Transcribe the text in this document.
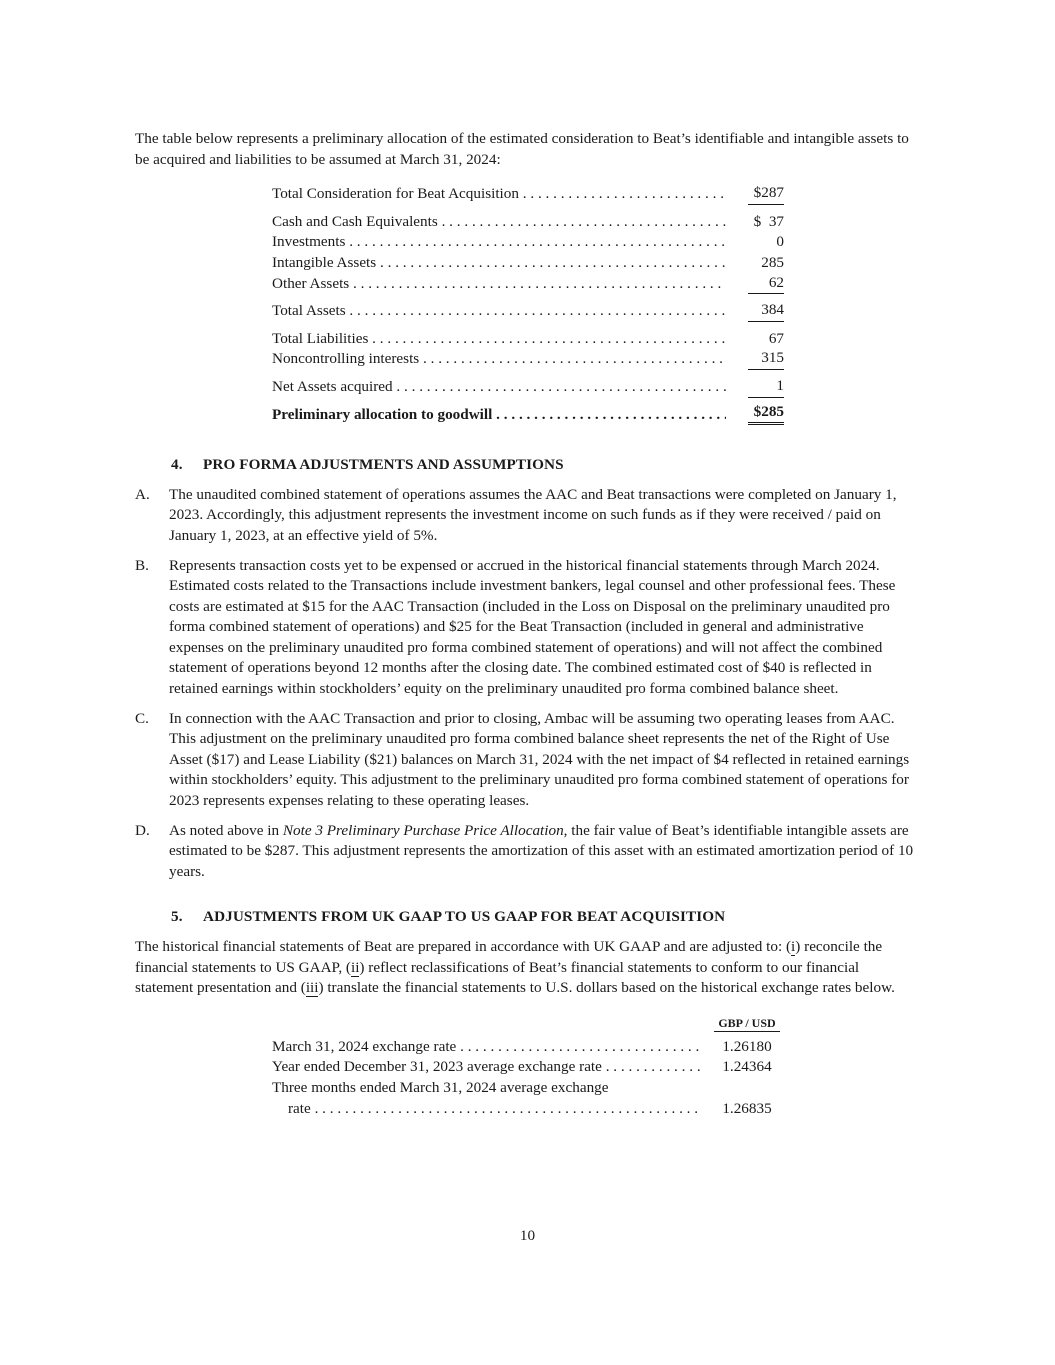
The table below represents a preliminary allocation of the estimated consideration to Beat’s identifiable and intangible assets to be acquired and liabilities to be assumed at March 31, 2024:

Total Consideration for Beat Acquisition . . .	$287
Cash and Cash Equivalents . . .	$  37
Investments . . .	0
Intangible Assets . . .	285
Other Assets . . .	62
Total Assets . . .	384
Total Liabilities . . .	67
Noncontrolling interests . . .	315
Net Assets acquired . . .	1
Preliminary allocation to goodwill . . .	$285
4. PRO FORMA ADJUSTMENTS AND ASSUMPTIONS
A.	The unaudited combined statement of operations assumes the AAC and Beat transactions were completed on January 1, 2023. Accordingly, this adjustment represents the investment income on such funds as if they were received / paid on January 1, 2023, at an effective yield of 5%.

B.	Represents transaction costs yet to be expensed or accrued in the historical financial statements through March 2024. Estimated costs related to the Transactions include investment bankers, legal counsel and other professional fees. These costs are estimated at $15 for the AAC Transaction (included in the Loss on Disposal on the preliminary unaudited pro forma combined statement of operations) and $25 for the Beat Transaction (included in general and administrative expenses on the preliminary unaudited pro forma combined statement of operations) and will not affect the combined statement of operations beyond 12 months after the closing date. The combined estimated cost of $40 is reflected in retained earnings within stockholders’ equity on the preliminary unaudited pro forma combined balance sheet.

C.	In connection with the AAC Transaction and prior to closing, Ambac will be assuming two operating leases from AAC. This adjustment on the preliminary unaudited pro forma combined balance sheet represents the net of the Right of Use Asset ($17) and Lease Liability ($21) balances on March 31, 2024 with the net impact of $4 reflected in retained earnings within stockholders’ equity. This adjustment to the preliminary unaudited pro forma combined statement of operations for 2023 represents expenses relating to these operating leases.

D.	As noted above in Note 3 Preliminary Purchase Price Allocation, the fair value of Beat’s identifiable intangible assets are estimated to be $287. This adjustment represents the amortization of this asset with an estimated amortization period of 10 years.

5. ADJUSTMENTS FROM UK GAAP TO US GAAP FOR BEAT ACQUISITION

The historical financial statements of Beat are prepared in accordance with UK GAAP and are adjusted to: (i) reconcile the financial statements to US GAAP, (ii) reflect reclassifications of Beat’s financial statements to conform to our financial statement presentation and (iii) translate the financial statements to U.S. dollars based on the historical exchange rates below.

GBP / USD
March 31, 2024 exchange rate . . .	1.26180
Year ended December 31, 2023 average exchange rate . . .	1.24364
Three months ended March 31, 2024 average exchange
rate . . .	1.26835
10
